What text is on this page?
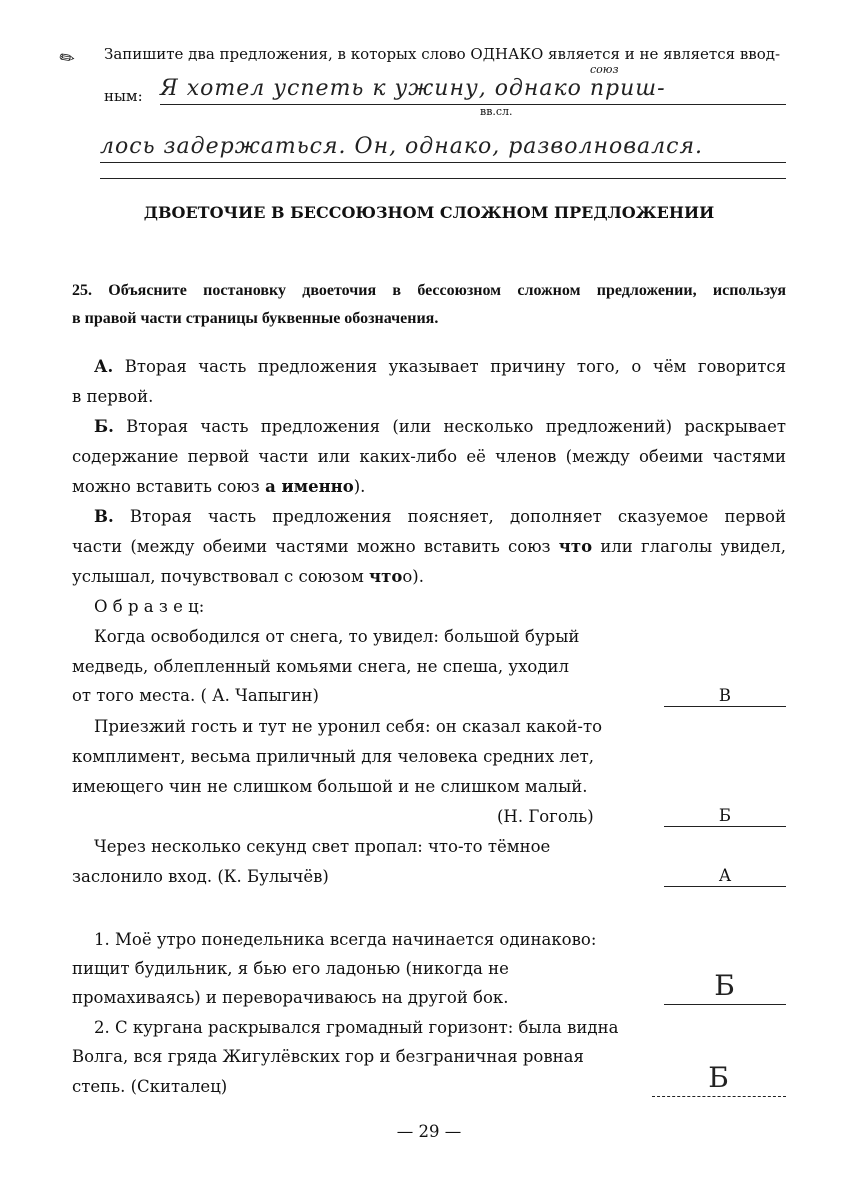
✎ Запишите два предложения, в которых слово ОДНАКО является и не является ввод-
ным:
союз
Я хотел успеть к ужину, однако приш-
вв.сл.
лось задержаться. Он, однако, разволновался.
ДВОЕТОЧИЕ В БЕССОЮЗНОМ СЛОЖНОМ ПРЕДЛОЖЕНИИ
25. Объясните постановку двоеточия в бессоюзном сложном предложении, используя
в правой части страницы буквенные обозначения.
А. Вторая часть предложения указывает причину того, о чём говорится
в первой.
Б. Вторая часть предложения (или несколько предложений) раскрывает
содержание первой части или каких-либо её членов (между обеими частями
можно вставить союз а именно).
В. Вторая часть предложения поясняет, дополняет сказуемое первой
части (между обеими частями можно вставить союз что или глаголы увидел,
услышал, почувствовал с союзом чтоо).
О б р а з е ц:
Когда освободился от снега, то увидел: большой бурый
медведь, облепленный комьями снега, не спеша, уходил
от того места. ( А. Чапыгин)	В
Приезжий гость и тут не уронил себя: он сказал какой-то
комплимент, весьма приличный для человека средних лет,
имеющего чин не слишком большой и не слишком малый.
(Н. Гоголь)	Б
Через несколько секунд свет пропал: что-то тёмное
заслонило вход. (К. Булычёв)	А
1. Моё утро понедельника всегда начинается одинаково:
пищит будильник, я бью его ладонью (никогда не
промахиваясь) и переворачиваюсь на другой бок.	Б
2. С кургана раскрывался громадный горизонт: была видна
Волга, вся гряда Жигулёвских гор и безграничная ровная
степь. (Скиталец)	Б
— 29 —
